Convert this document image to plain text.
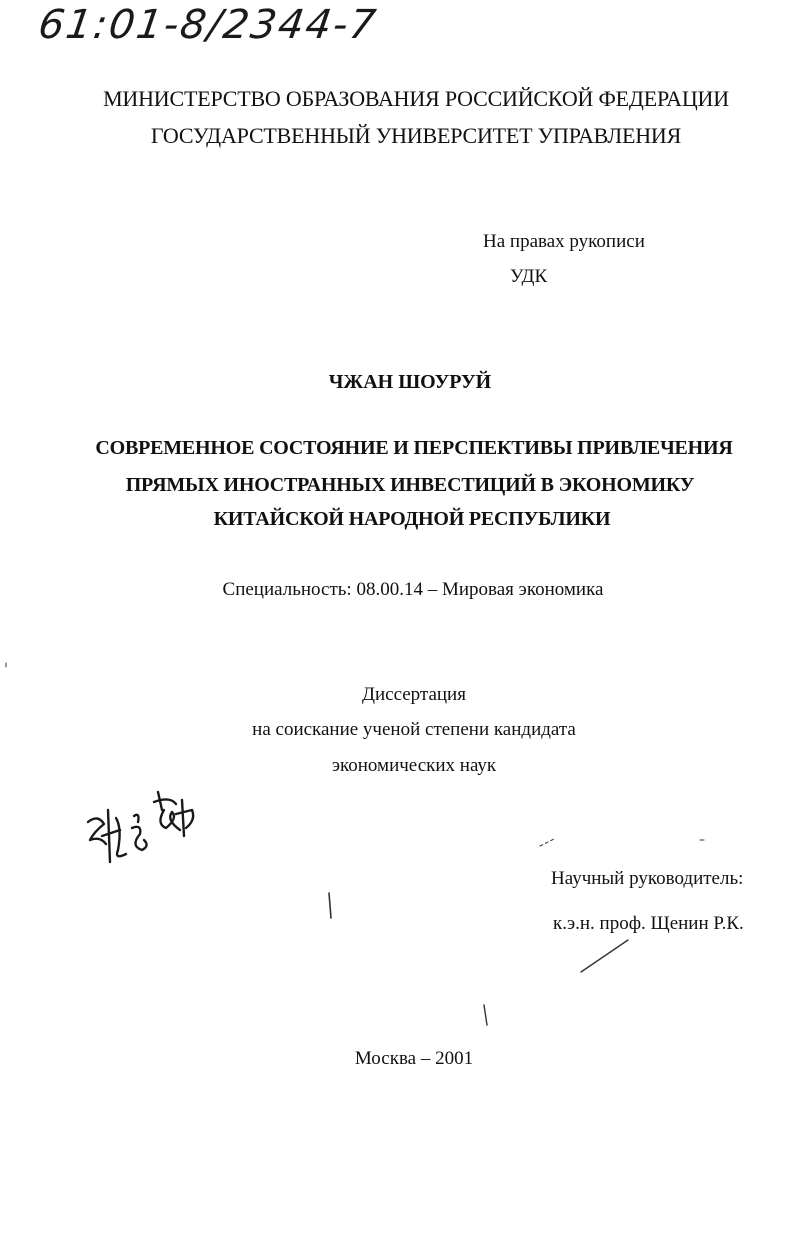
61:01-8/2344-7
МИНИСТЕРСТВО ОБРАЗОВАНИЯ РОССИЙСКОЙ ФЕДЕРАЦИИ
ГОСУДАРСТВЕННЫЙ УНИВЕРСИТЕТ УПРАВЛЕНИЯ
На правах рукописи
УДК
ЧЖАН ШОУРУЙ
СОВРЕМЕННОЕ СОСТОЯНИЕ И ПЕРСПЕКТИВЫ ПРИВЛЕЧЕНИЯ
ПРЯМЫХ ИНОСТРАННЫХ ИНВЕСТИЦИЙ В ЭКОНОМИКУ
КИТАЙСКОЙ НАРОДНОЙ РЕСПУБЛИКИ
Специальность: 08.00.14 – Мировая экономика
Диссертация
на соискание ученой степени кандидата
экономических наук
Научный руководитель:
к.э.н. проф. Щенин Р.К.
Москва – 2001
